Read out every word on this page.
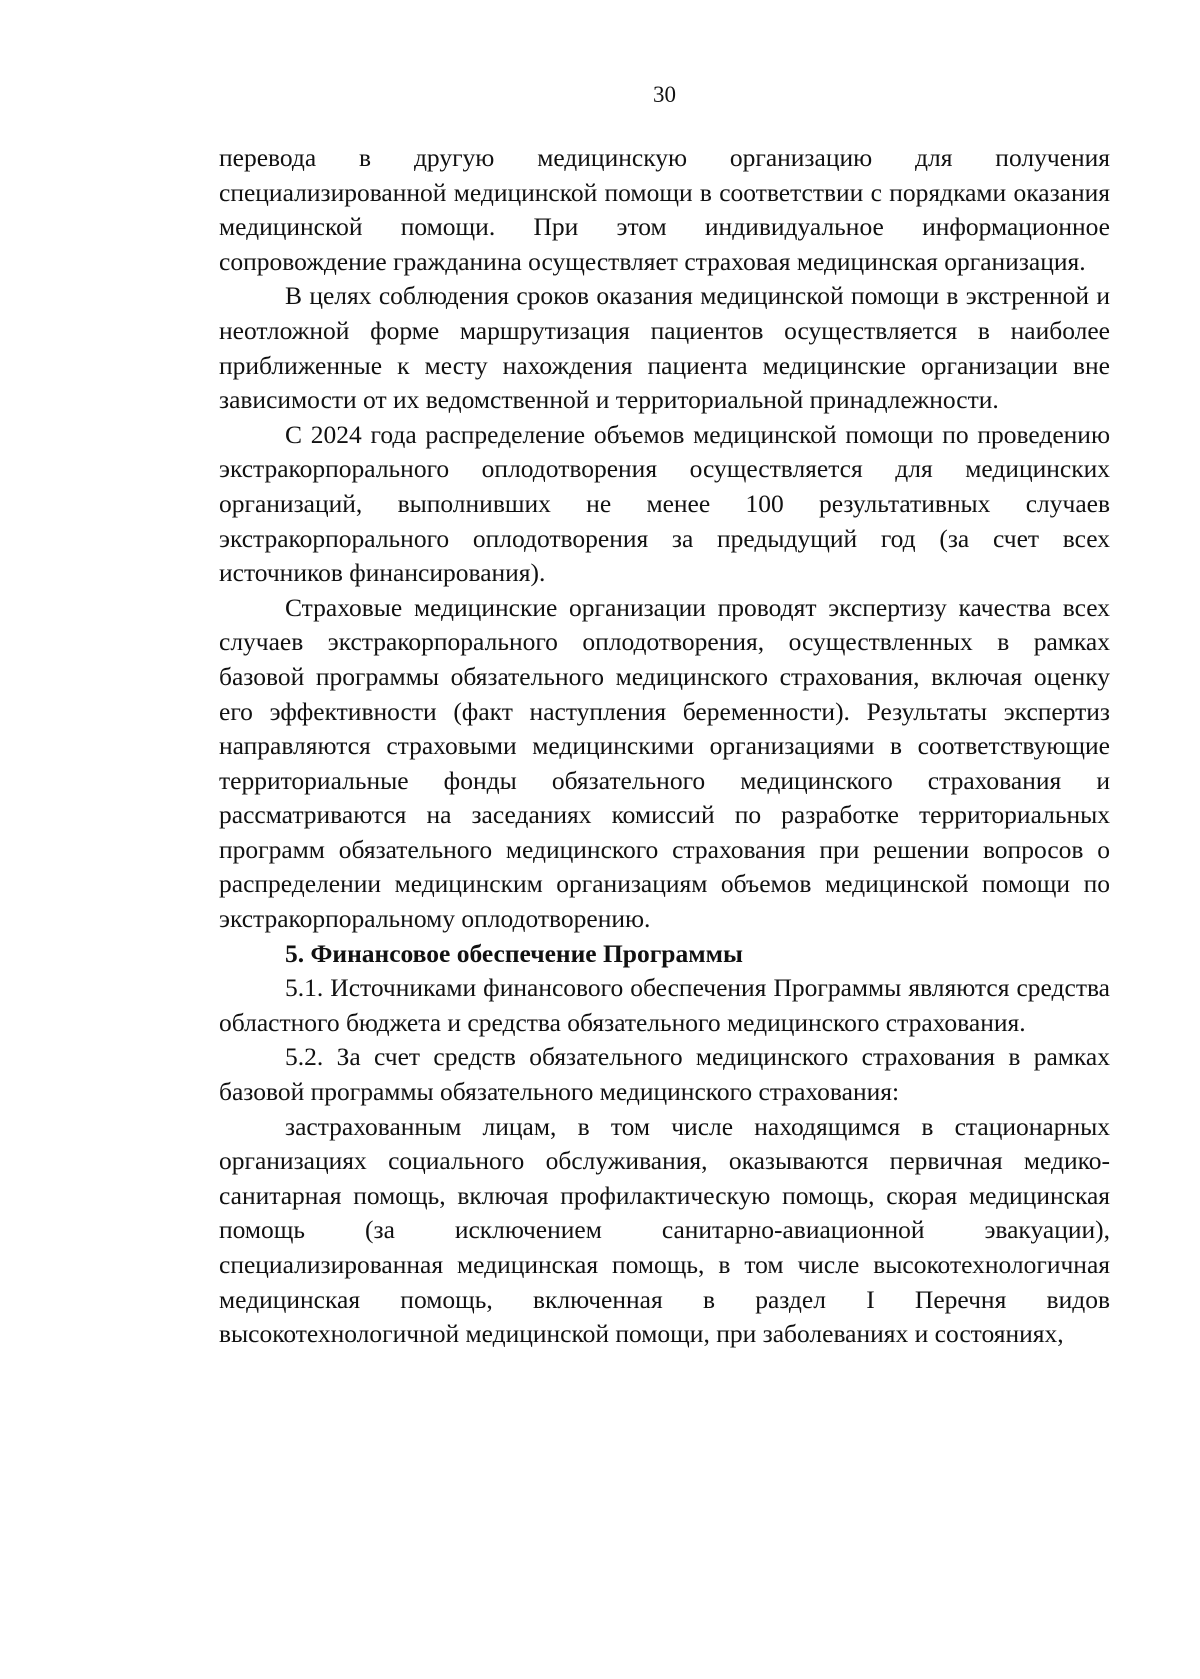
30

перевода в другую медицинскую организацию для получения специализированной медицинской помощи в соответствии с порядками оказания медицинской помощи. При этом индивидуальное информационное сопровождение гражданина осуществляет страховая медицинская организация.

В целях соблюдения сроков оказания медицинской помощи в экстренной и неотложной форме маршрутизация пациентов осуществляется в наиболее приближенные к месту нахождения пациента медицинские организации вне зависимости от их ведомственной и территориальной принадлежности.

С 2024 года распределение объемов медицинской помощи по проведению экстракорпорального оплодотворения осуществляется для медицинских организаций, выполнивших не менее 100 результативных случаев экстракорпорального оплодотворения за предыдущий год (за счет всех источников финансирования).

Страховые медицинские организации проводят экспертизу качества всех случаев экстракорпорального оплодотворения, осуществленных в рамках базовой программы обязательного медицинского страхования, включая оценку его эффективности (факт наступления беременности). Результаты экспертиз направляются страховыми медицинскими организациями в соответствующие территориальные фонды обязательного медицинского страхования и рассматриваются на заседаниях комиссий по разработке территориальных программ обязательного медицинского страхования при решении вопросов о распределении медицинским организациям объемов медицинской помощи по экстракорпоральному оплодотворению.

5. Финансовое обеспечение Программы

5.1. Источниками финансового обеспечения Программы являются средства областного бюджета и средства обязательного медицинского страхования.

5.2. За счет средств обязательного медицинского страхования в рамках базовой программы обязательного медицинского страхования:

застрахованным лицам, в том числе находящимся в стационарных организациях социального обслуживания, оказываются первичная медико-санитарная помощь, включая профилактическую помощь, скорая медицинская помощь (за исключением санитарно-авиационной эвакуации), специализированная медицинская помощь, в том числе высокотехнологичная медицинская помощь, включенная в раздел I Перечня видов высокотехнологичной медицинской помощи, при заболеваниях и состояниях,
